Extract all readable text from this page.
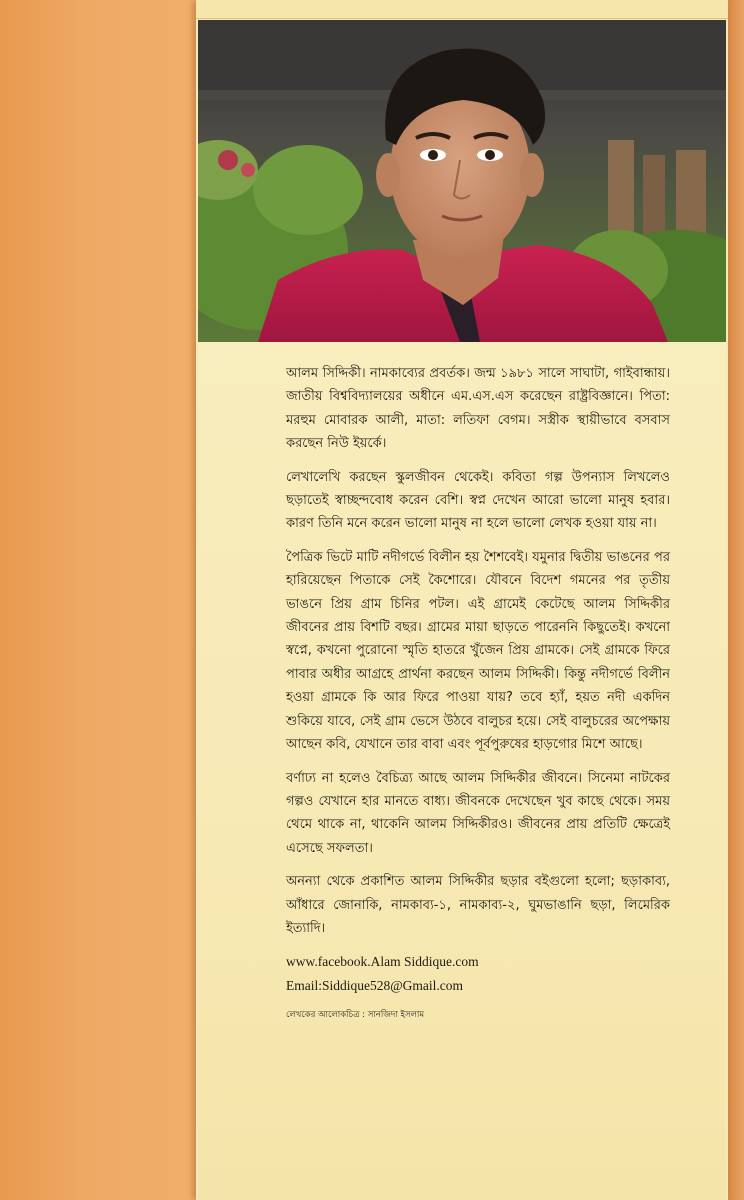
আলম সিদ্দিকী। নামকাব্যের প্রবর্তক। জন্ম ১৯৮১ সালে সাঘাটা, গাইবান্ধায়। জাতীয় বিশ্ববিদ্যালয়ের অধীনে এম.এস.এস করেছেন রাষ্ট্রবিজ্ঞানে। পিতা: মরহুম মোবারক আলী, মাতা: লতিফা বেগম। সস্ত্রীক স্থায়ীভাবে বসবাস করছেন নিউ ইয়র্কে।

লেখালেখি করছেন স্কুলজীবন থেকেই। কবিতা গল্প উপন্যাস লিখলেও ছড়াতেই স্বাচ্ছন্দবোধ করেন বেশি। স্বপ্ন দেখেন আরো ভালো মানুষ হবার। কারণ তিনি মনে করেন ভালো মানুষ না হলে ভালো লেখক হওয়া যায় না।

পৈত্রিক ভিটে মাটি নদীগর্ভে বিলীন হয় শৈশবেই। যমুনার দ্বিতীয় ভাঙনের পর হারিয়েছেন পিতাকে সেই কৈশোরে। যৌবনে বিদেশ গমনের পর তৃতীয় ভাঙনে প্রিয় গ্রাম চিনির পটল। এই গ্রামেই কেটেছে আলম সিদ্দিকীর জীবনের প্রায় বিশটি বছর। গ্রামের মায়া ছাড়তে পারেননি কিছুতেই। কখনো স্বপ্নে, কখনো পুরোনো স্মৃতি হাতরে খুঁজেন প্রিয় গ্রামকে। সেই গ্রামকে ফিরে পাবার অধীর আগ্রহে প্রার্থনা করছেন আলম সিদ্দিকী। কিন্তু নদীগর্ভে বিলীন হওয়া গ্রামকে কি আর ফিরে পাওয়া যায়? তবে হ্যাঁ, হয়ত নদী একদিন শুকিয়ে যাবে, সেই গ্রাম ভেসে উঠবে বালুচর হয়ে। সেই বালুচরের অপেক্ষায় আছেন কবি, যেখানে তার বাবা এবং পূর্বপুরুষের হাড়গোর মিশে আছে।

বর্ণাঢ্য না হলেও বৈচিত্র্য আছে আলম সিদ্দিকীর জীবনে। সিনেমা নাটকের গল্পও যেখানে হার মানতে বাধ্য। জীবনকে দেখেছেন খুব কাছে থেকে। সময় থেমে থাকে না, থাকেনি আলম সিদ্দিকীরও। জীবনের প্রায় প্রতিটি ক্ষেত্রেই এসেছে সফলতা।

অনন্যা থেকে প্রকাশিত আলম সিদ্দিকীর ছড়ার বইগুলো হলো; ছড়াকাব্য, আঁধারে জোনাকি, নামকাব্য-১, নামকাব্য-২, ঘুমভাঙানি ছড়া, লিমেরিক ইত্যাদি।

www.facebook.Alam Siddique.com
Email:Siddique528@Gmail.com
লেখকের আলোকচিত্র : সানজিদা ইসলাম
